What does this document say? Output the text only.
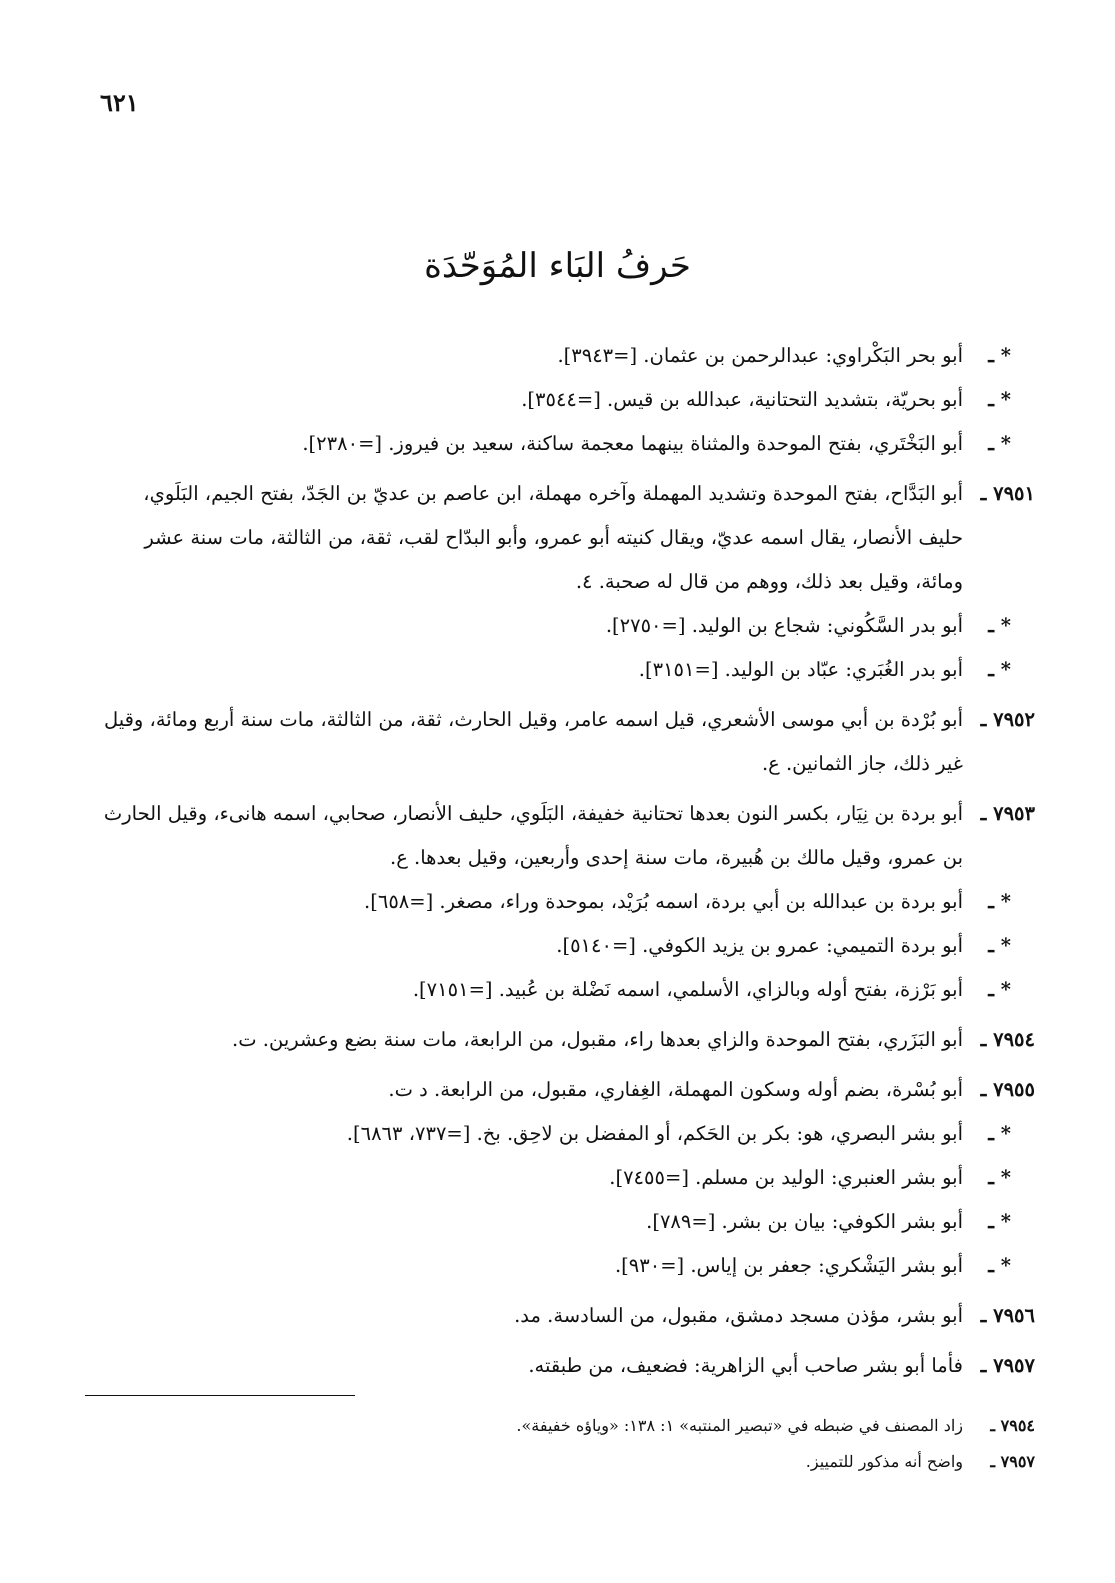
٦٢١
حَرفُ البَاء المُوَحّدَة
* ـ
أبو بحر البَكْراوي: عبدالرحمن بن عثمان. [=٣٩٤٣].
* ـ
أبو بحريّة، بتشديد التحتانية، عبدالله بن قيس. [=٣٥٤٤].
* ـ
أبو البَخْتَري، بفتح الموحدة والمثناة بينهما معجمة ساكنة، سعيد بن فيروز. [=٢٣٨٠].
٧٩٥١ ـ
أبو البَدَّاح، بفتح الموحدة وتشديد المهملة وآخره مهملة، ابن عاصم بن عديّ بن الجَدّ، بفتح الجيم، البَلَوي، حليف الأنصار، يقال اسمه عديّ، ويقال كنيته أبو عمرو، وأبو البدّاح لقب، ثقة، من الثالثة، مات سنة عشر ومائة، وقيل بعد ذلك، ووهم من قال له صحبة. ٤.
* ـ
أبو بدر السَّكُوني: شجاع بن الوليد. [=٢٧٥٠].
* ـ
أبو بدر الغُبَري: عبّاد بن الوليد. [=٣١٥١].
٧٩٥٢ ـ
أبو بُرْدة بن أبي موسى الأشعري، قيل اسمه عامر، وقيل الحارث، ثقة، من الثالثة، مات سنة أربع ومائة، وقيل غير ذلك، جاز الثمانين. ع.
٧٩٥٣ ـ
أبو بردة بن نِيَار، بكسر النون بعدها تحتانية خفيفة، البَلَوي، حليف الأنصار، صحابي، اسمه هانىء، وقيل الحارث بن عمرو، وقيل مالك بن هُبيرة، مات سنة إحدى وأربعين، وقيل بعدها. ع.
* ـ
أبو بردة بن عبدالله بن أبي بردة، اسمه بُرَيْد، بموحدة وراء، مصغر. [=٦٥٨].
* ـ
أبو بردة التميمي: عمرو بن يزيد الكوفي. [=٥١٤٠].
* ـ
أبو بَرْزة، بفتح أوله وبالزاي، الأسلمي، اسمه نَضْلة بن عُبيد. [=٧١٥١].
٧٩٥٤ ـ
أبو البَزَري، بفتح الموحدة والزاي بعدها راء، مقبول، من الرابعة، مات سنة بضع وعشرين. ت.
٧٩٥٥ ـ
أبو بُسْرة، بضم أوله وسكون المهملة، الغِفاري، مقبول، من الرابعة. د ت.
* ـ
أبو بشر البصري، هو: بكر بن الحَكم، أو المفضل بن لاحِق. بخ. [=٧٣٧، ٦٨٦٣].
* ـ
أبو بشر العنبري: الوليد بن مسلم. [=٧٤٥٥].
* ـ
أبو بشر الكوفي: بيان بن بشر. [=٧٨٩].
* ـ
أبو بشر اليَشْكري: جعفر بن إياس. [=٩٣٠].
٧٩٥٦ ـ
أبو بشر، مؤذن مسجد دمشق، مقبول، من السادسة. مد.
٧٩٥٧ ـ
فأما أبو بشر صاحب أبي الزاهرية: فضعيف، من طبقته.
٧٩٥٤ ـ
زاد المصنف في ضبطه في «تبصير المنتبه» ١: ١٣٨: «وياؤه خفيفة».
٧٩٥٧ ـ
واضح أنه مذكور للتمييز.
